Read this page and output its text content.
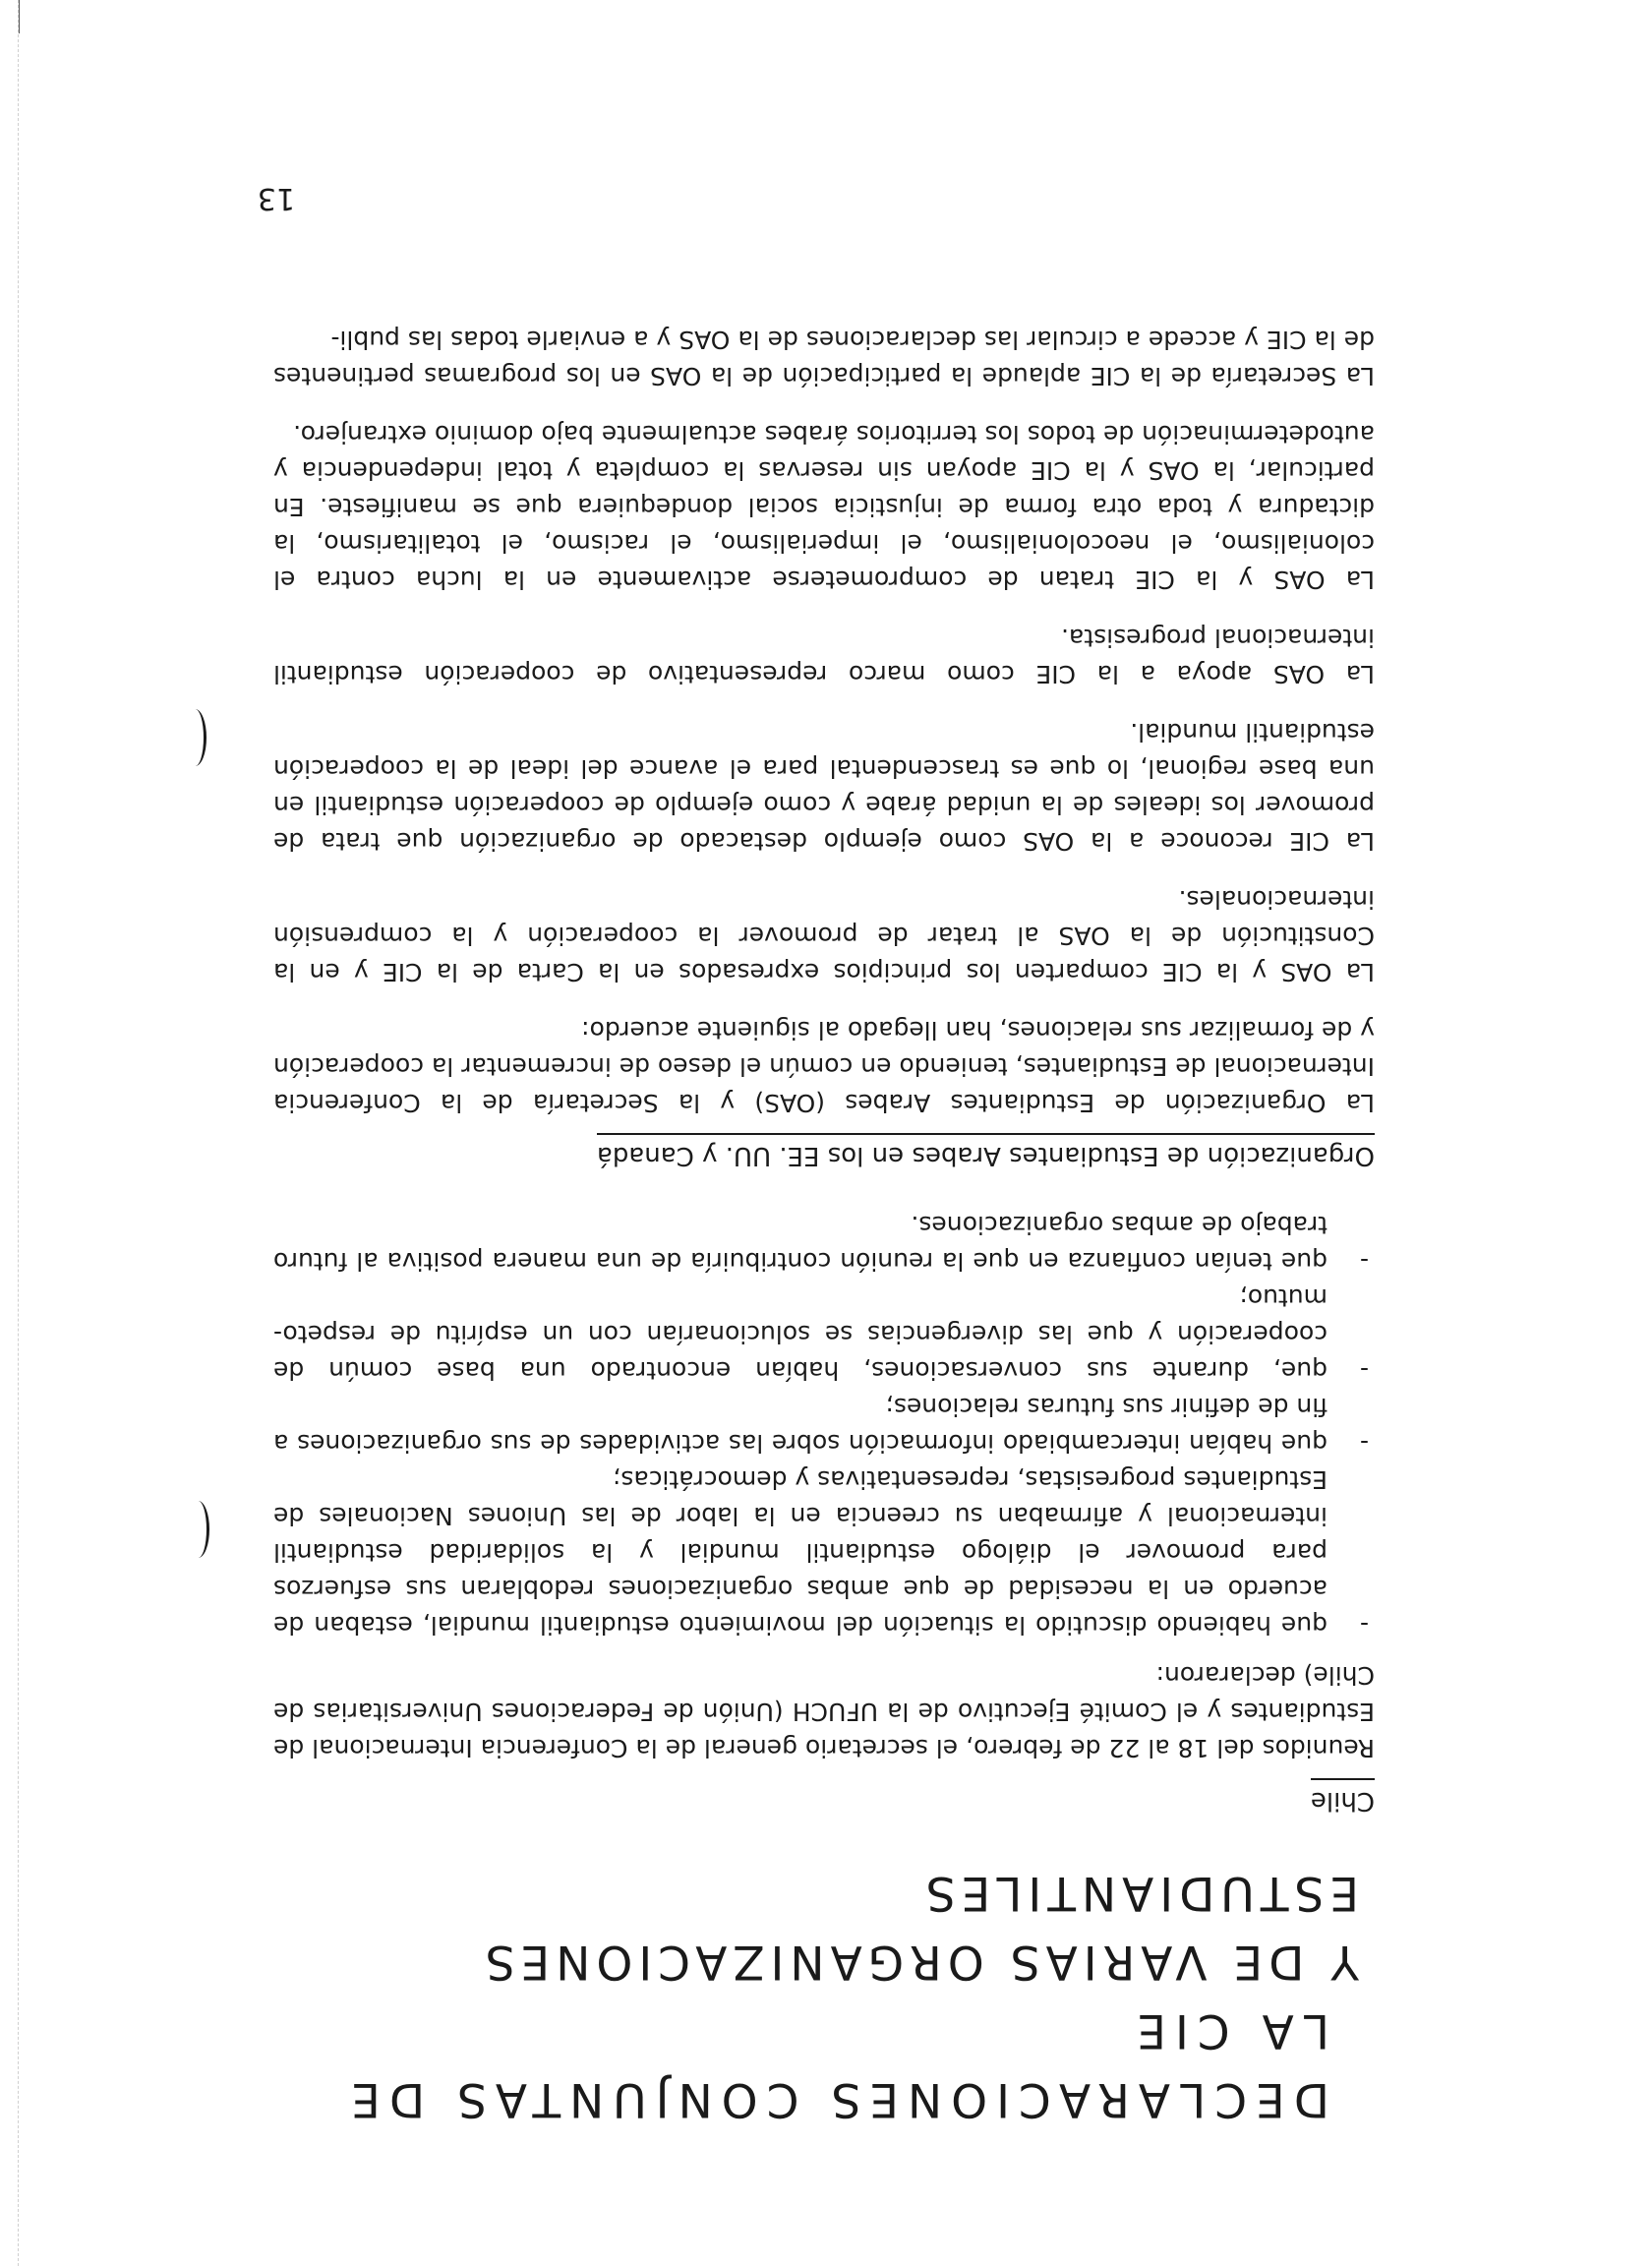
DECLARACIONES CONJUNTAS DE LA CIE
Y DE VARIAS ORGANIZACIONES ESTUDIANTILES
Chile

Reunidos del 18 al 22 de febrero, el secretario general de la Conferencia Internacional de Estudiantes y el Comité Ejecutivo de la UFUCH (Unión de Federaciones Universitarias de Chile) declararon:

- que habiendo discutido la situación del movimiento estudiantil mundial, estaban de acuerdo en la necesidad de que ambas organizaciones redoblaran sus esfuerzos para promover el diálogo estudiantil mundial y la solidaridad estudiantil internacional y afirmaban su creencia en la labor de las Uniones Nacionales de Estudiantes progresistas, representativas y democráticas;
- que habían intercambiado información sobre las actividades de sus organizaciones a fin de definir sus futuras relaciones;
- que, durante sus conversaciones, habían encontrado una base común de cooperación y que las divergencias se solucionarían con un espíritu de respeto-mutuo;
- que tenían confianza en que la reunión contribuiría de una manera positiva al futuro trabajo de ambas organizaciones.
Organización de Estudiantes Arabes en los EE. UU. y Canadá

La Organización de Estudiantes Arabes (OAS) y la Secretaría de la Conferencia Internacional de Estudiantes, teniendo en común el deseo de incrementar la cooperación y de formalizar sus relaciones, han llegado al siguiente acuerdo:

La OAS y la CIE comparten los principios expresados en la Carta de la CIE y en la Constitución de la OAS al tratar de promover la cooperación y la comprensión internacionales.

La CIE reconoce a la OAS como ejemplo destacado de organización que trata de promover los ideales de la unidad árabe y como ejemplo de cooperación estudiantil en una base regional, lo que es trascendental para el avance del ideal de la cooperación estudiantil mundial.

La OAS apoya a la CIE como marco representativo de cooperación estudiantil internacional progresista.

La OAS y la CIE tratan de comprometerse activamente en la lucha contra el colonialismo, el neocolonialismo, el imperialismo, el racismo, el totalitarismo, la dictadura y toda otra forma de injusticia social dondequiera que se manifieste. En particular, la OAS y la CIE apoyan sin reservas la completa y total independencia y autodeterminación de todos los territorios árabes actualmente bajo dominio extranjero.

La Secretaría de la CIE aplaude la participación de la OAS en los programas pertinentes de la CIE y accede a circular las declaraciones de la OAS y a enviarle todas las publi-

13
